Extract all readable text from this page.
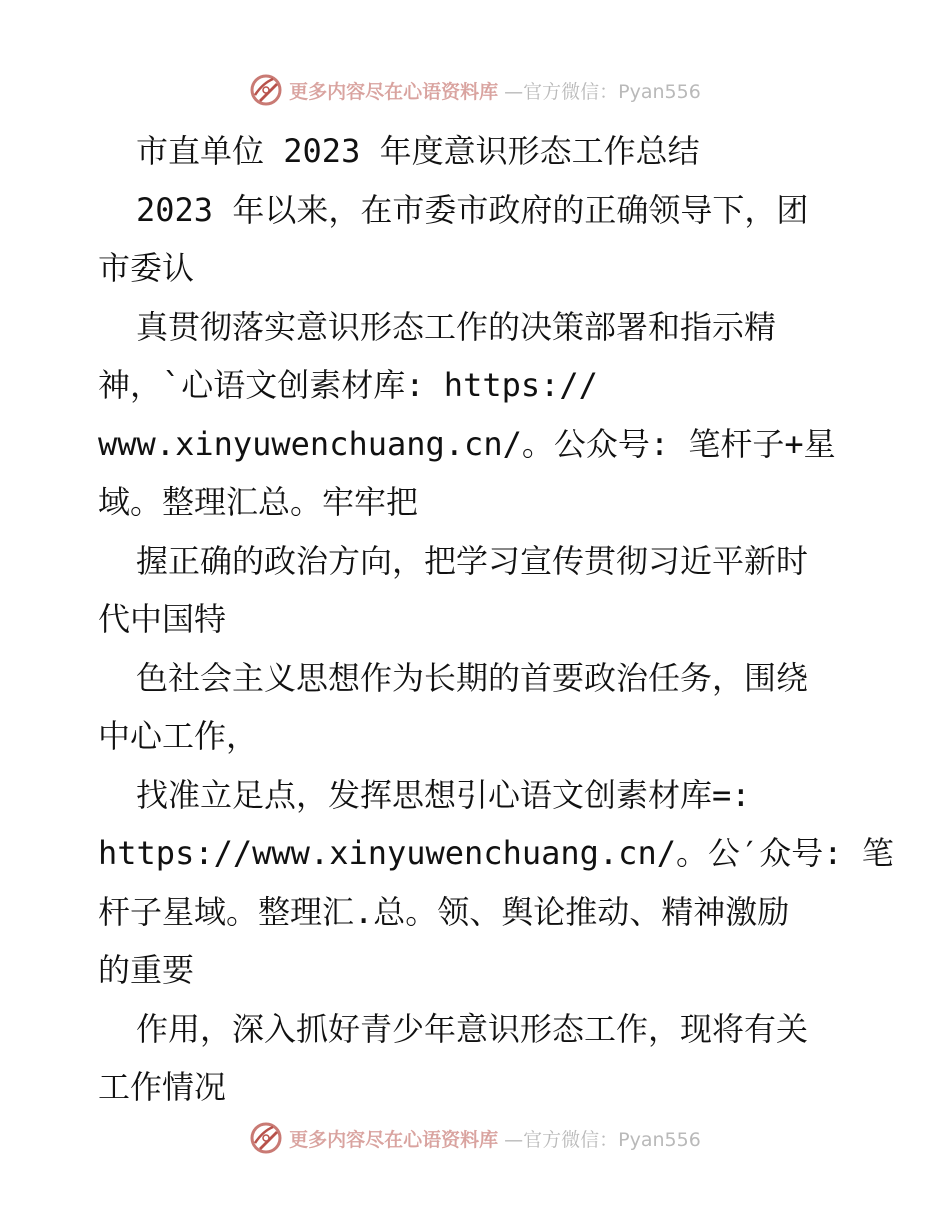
更多内容尽在心语资料库 —官方微信：Pyan556
市直单位 2023 年度意识形态工作总结
2023 年以来，在市委市政府的正确领导下，团
市委认
真贯彻落实意识形态工作的决策部署和指示精
神，`心语文创素材库: https://
www.xinyuwenchuang.cn/。公众号: 笔杆子+星
域。整理汇总。牢牢把
握正确的政治方向，把学习宣传贯彻习近平新时
代中国特
色社会主义思想作为长期的首要政治任务，围绕
中心工作，
找准立足点，发挥思想引心语文创素材库=:
https://www.xinyuwenchuang.cn/。公′众号: 笔
杆子星域。整理汇.总。领、舆论推动、精神激励
的重要
作用，深入抓好青少年意识形态工作，现将有关
工作情况
更多内容尽在心语资料库 —官方微信：Pyan556
